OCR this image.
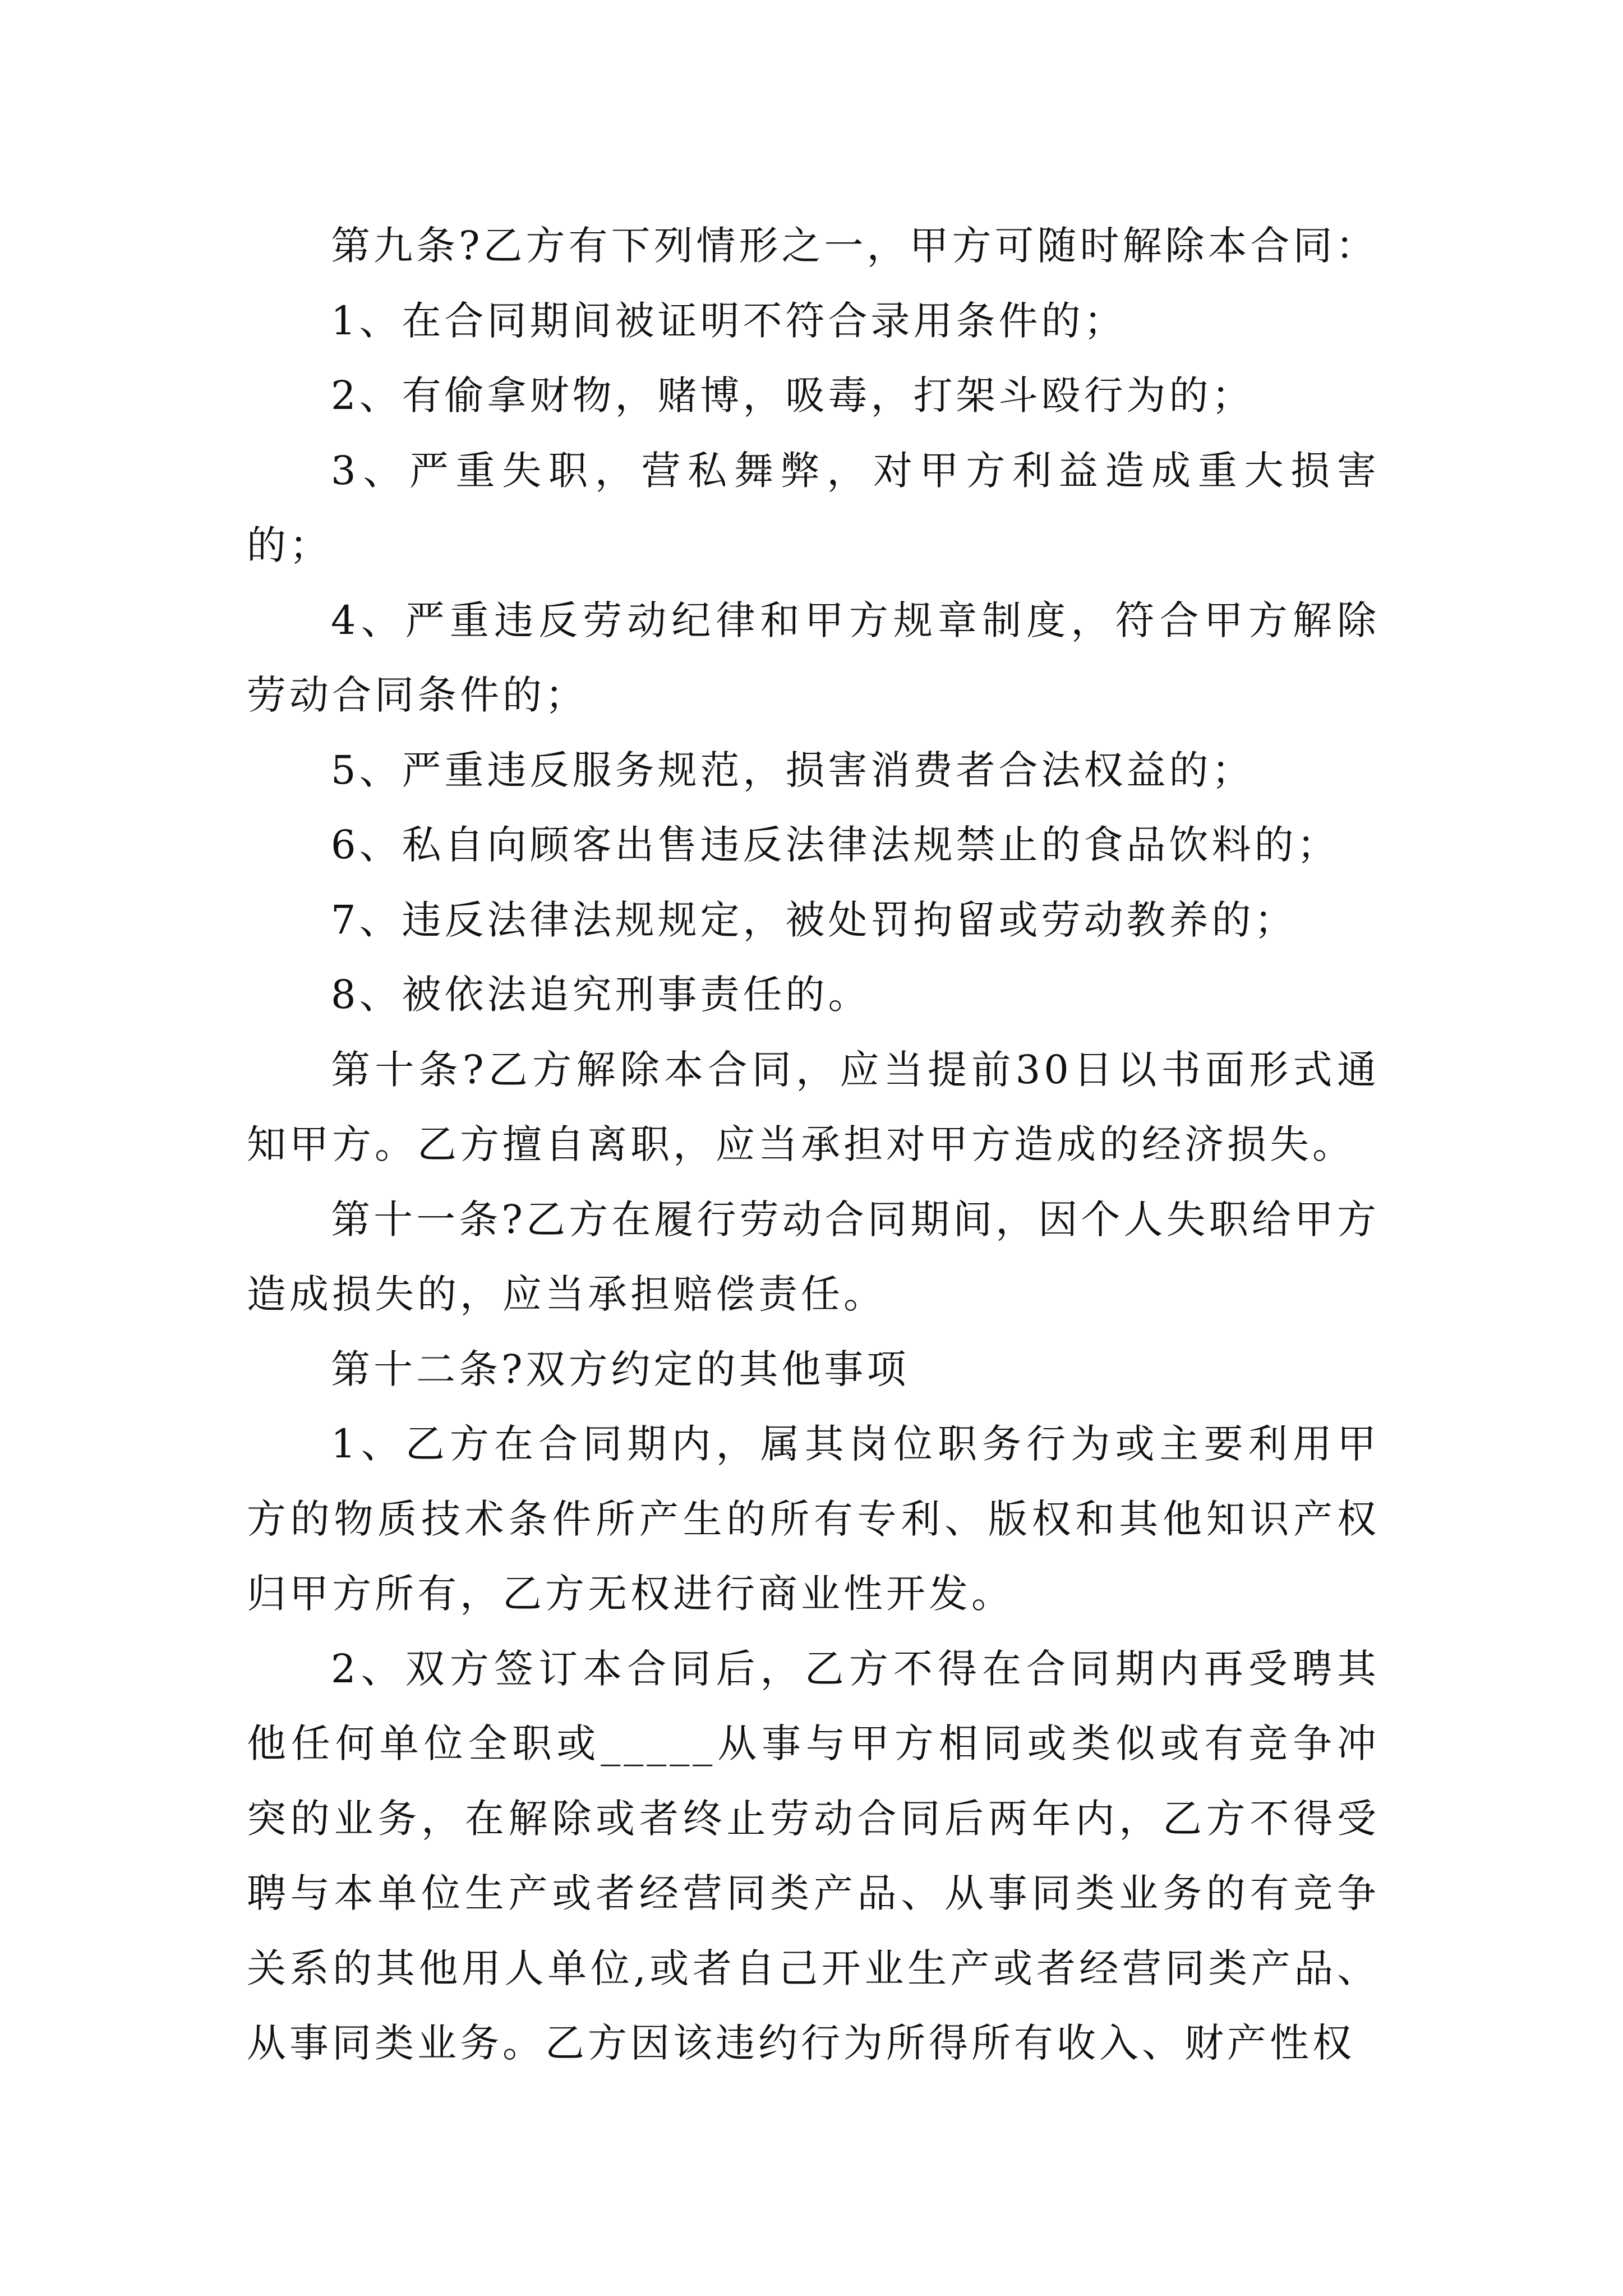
第九条?乙方有下列情形之一，甲方可随时解除本合同：

1、在合同期间被证明不符合录用条件的；

2、有偷拿财物，赌博，吸毒，打架斗殴行为的；

3、严重失职，营私舞弊，对甲方利益造成重大损害的；

4、严重违反劳动纪律和甲方规章制度，符合甲方解除劳动合同条件的；

5、严重违反服务规范，损害消费者合法权益的；

6、私自向顾客出售违反法律法规禁止的食品饮料的；

7、违反法律法规规定，被处罚拘留或劳动教养的；

8、被依法追究刑事责任的。

第十条?乙方解除本合同，应当提前30日以书面形式通知甲方。乙方擅自离职，应当承担对甲方造成的经济损失。

第十一条?乙方在履行劳动合同期间，因个人失职给甲方造成损失的，应当承担赔偿责任。

第十二条?双方约定的其他事项

1、乙方在合同期内，属其岗位职务行为或主要利用甲方的物质技术条件所产生的所有专利、版权和其他知识产权归甲方所有，乙方无权进行商业性开发。

2、双方签订本合同后，乙方不得在合同期内再受聘其他任何单位全职或_____从事与甲方相同或类似或有竞争冲突的业务，在解除或者终止劳动合同后两年内，乙方不得受聘与本单位生产或者经营同类产品、从事同类业务的有竞争关系的其他用人单位,或者自己开业生产或者经营同类产品、从事同类业务。乙方因该违约行为所得所有收入、财产性权
